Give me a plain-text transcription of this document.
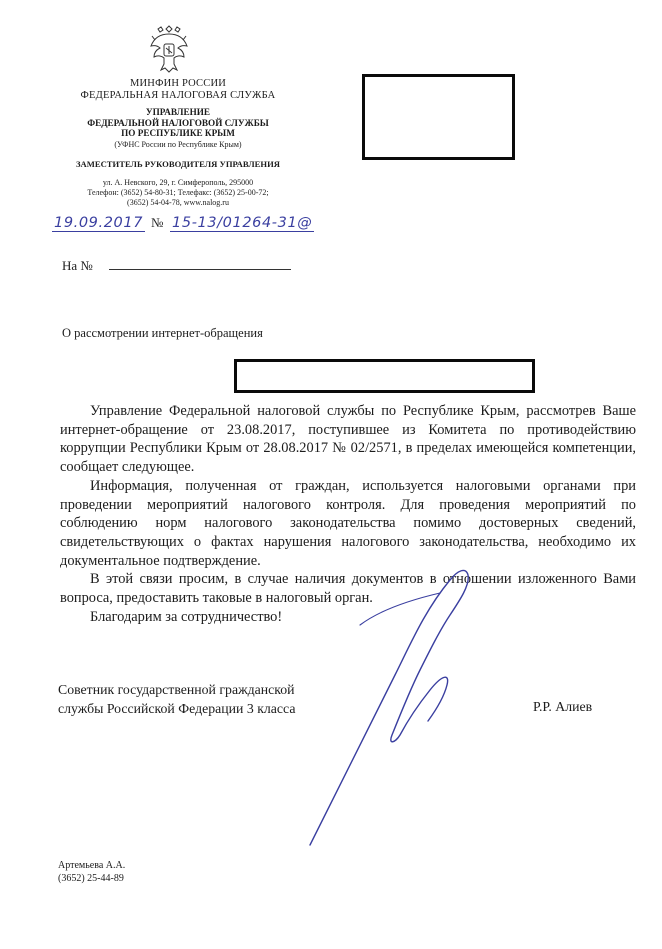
МИНФИН РОССИИ
ФЕДЕРАЛЬНАЯ НАЛОГОВАЯ СЛУЖБА
УПРАВЛЕНИЕ
ФЕДЕРАЛЬНОЙ НАЛОГОВОЙ СЛУЖБЫ
ПО РЕСПУБЛИКЕ КРЫМ
(УФНС России по Республике Крым)
ЗАМЕСТИТЕЛЬ РУКОВОДИТЕЛЯ УПРАВЛЕНИЯ
ул. А. Невского, 29, г. Симферополь, 295000
Телефон: (3652) 54-80-31; Телефакс: (3652) 25-00-72;
(3652) 54-04-78, www.nalog.ru
19.09.2017 № 15-13/01264-31@
На №
О рассмотрении интернет-обращения

Управление Федеральной налоговой службы по Республике Крым, рассмотрев Ваше интернет-обращение от 23.08.2017, поступившее из Комитета по противодействию коррупции Республики Крым от 28.08.2017 № 02/2571, в пределах имеющейся компетенции, сообщает следующее.

Информация, полученная от граждан, используется налоговыми органами при проведении мероприятий налогового контроля. Для проведения мероприятий по соблюдению норм налогового законодательства помимо достоверных сведений, свидетельствующих о фактах нарушения налогового законодательства, необходимо их документальное подтверждение.

В этой связи просим, в случае наличия документов в отношении изложенного Вами вопроса, предоставить таковые в налоговый орган.

Благодарим за сотрудничество!

Советник государственной гражданской
службы Российской Федерации 3 класса	Р.Р. Алиев
Артемьева А.А.
(3652) 25-44-89
